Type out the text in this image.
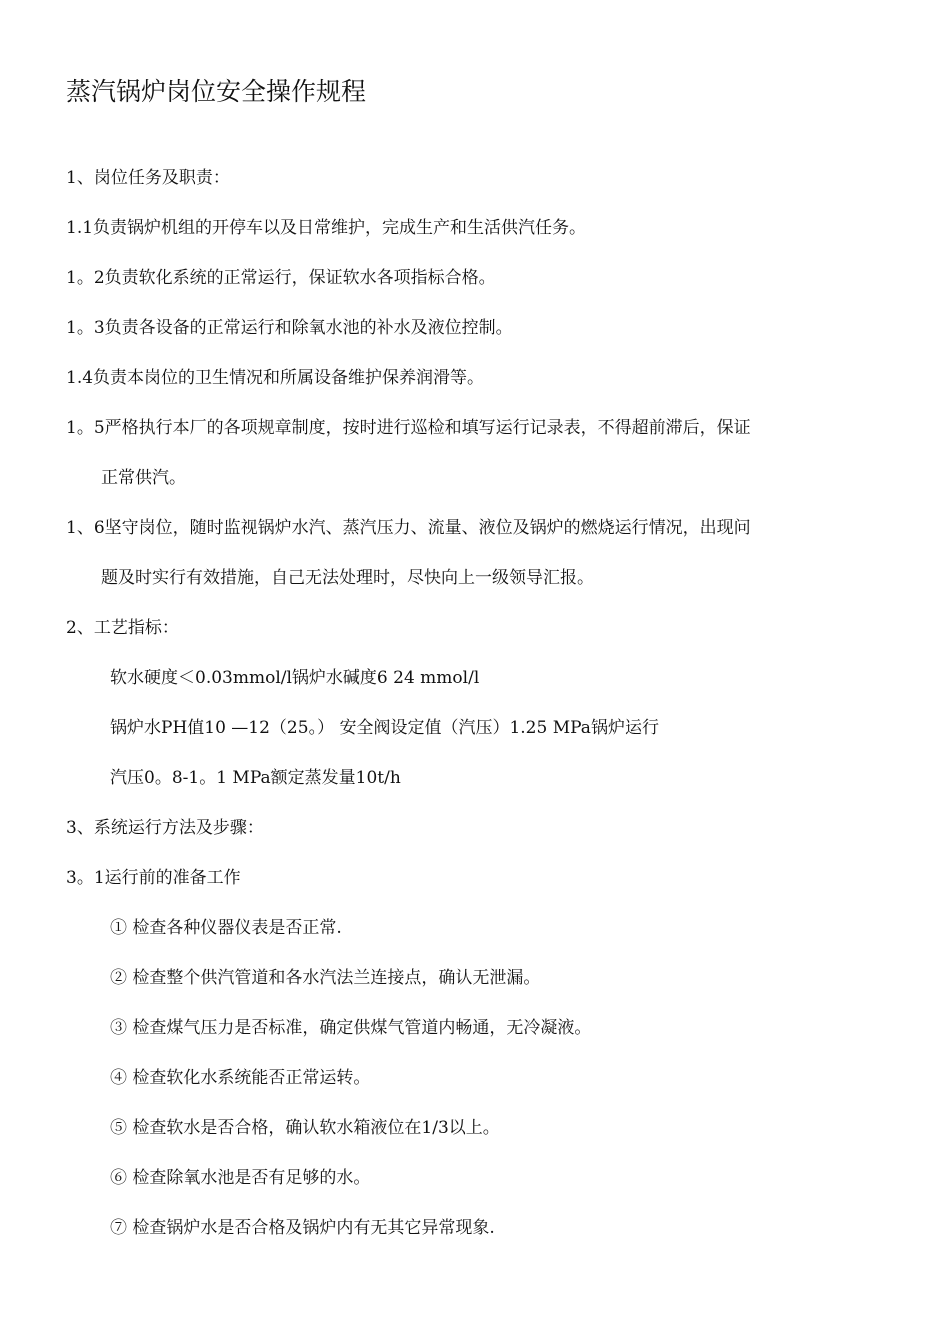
蒸汽锅炉岗位安全操作规程
1、岗位任务及职责：
1.1负责锅炉机组的开停车以及日常维护，完成生产和生活供汽任务。
1。2负责软化系统的正常运行，保证软水各项指标合格。
1。3负责各设备的正常运行和除氧水池的补水及液位控制。
1.4负责本岗位的卫生情况和所属设备维护保养润滑等。
1。5严格执行本厂的各项规章制度，按时进行巡检和填写运行记录表，不得超前滞后，保证
正常供汽。
1、6坚守岗位，随时监视锅炉水汽、蒸汽压力、流量、液位及锅炉的燃烧运行情况，出现问
题及时实行有效措施，自己无法处理时，尽快向上一级领导汇报。
2、工艺指标：
软水硬度＜0.03mmol/l锅炉水碱度6 24 mmol/l
锅炉水PH值10 —12（25。） 安全阀设定值（汽压）1.25 MPa锅炉运行
汽压0。8-1。1 MPa额定蒸发量10t/h
3、系统运行方法及步骤：
3。1运行前的准备工作
① 检查各种仪器仪表是否正常.
② 检查整个供汽管道和各水汽法兰连接点，确认无泄漏。
③ 检查煤气压力是否标准，确定供煤气管道内畅通，无冷凝液。
④ 检查软化水系统能否正常运转。
⑤ 检查软水是否合格，确认软水箱液位在1/3以上。
⑥ 检查除氧水池是否有足够的水。
⑦ 检查锅炉水是否合格及锅炉内有无其它异常现象.
